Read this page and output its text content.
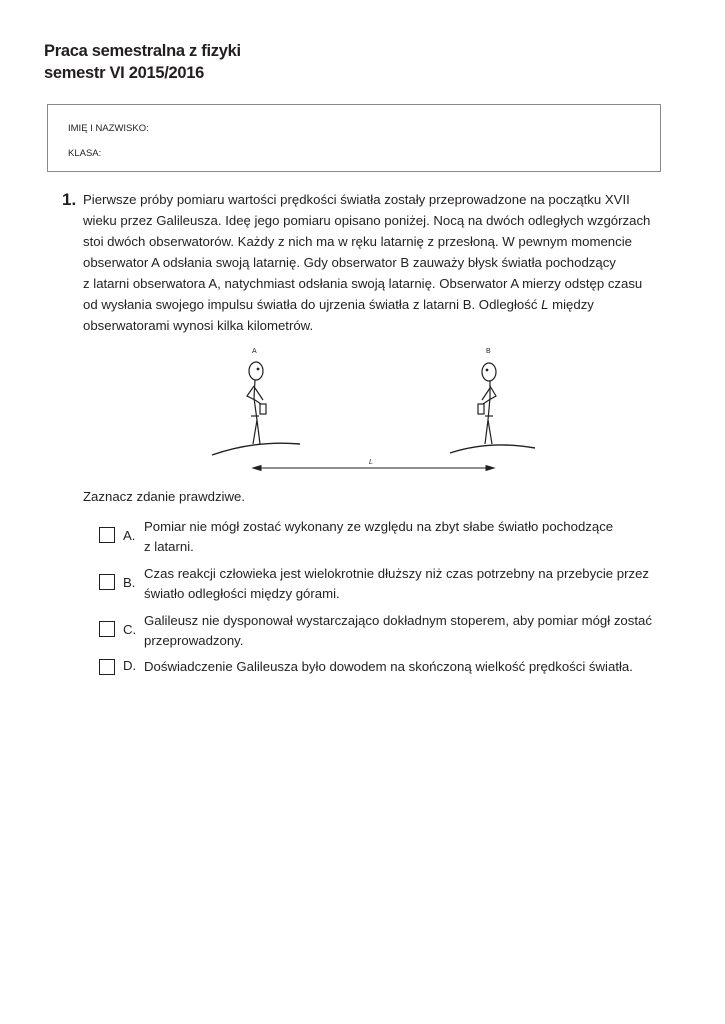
Praca semestralna z fizyki
semestr VI 2015/2016
IMIĘ I NAZWISKO:
KLASA:
1. Pierwsze próby pomiaru wartości prędkości światła zostały przeprowadzone na początku XVII
wieku przez Galileusza. Ideę jego pomiaru opisano poniżej. Nocą na dwóch odległych wzgórzach
stoi dwóch obserwatorów. Każdy z nich ma w ręku latarnię z przesłoną. W pewnym momencie
obserwator A odsłania swoją latarnię. Gdy obserwator B zauważy błysk światła pochodzący
z latarni obserwatora A, natychmiast odsłania swoją latarnię. Obserwator A mierzy odstęp czasu
od wysłania swojego impulsu światła do ujrzenia światła z latarni B. Odległość L między
obserwatorami wynosi kilka kilometrów.
A	B
L
Zaznacz zdanie prawdziwe.
A.
Pomiar nie mógł zostać wykonany ze względu na zbyt słabe światło pochodzące
z latarni.
B.
Czas reakcji człowieka jest wielokrotnie dłuższy niż czas potrzebny na przebycie przez
światło odległości między górami.
C.
Galileusz nie dysponował wystarczająco dokładnym stoperem, aby pomiar mógł zostać
przeprowadzony.
D. Doświadczenie Galileusza było dowodem na skończoną wielkość prędkości światła.
